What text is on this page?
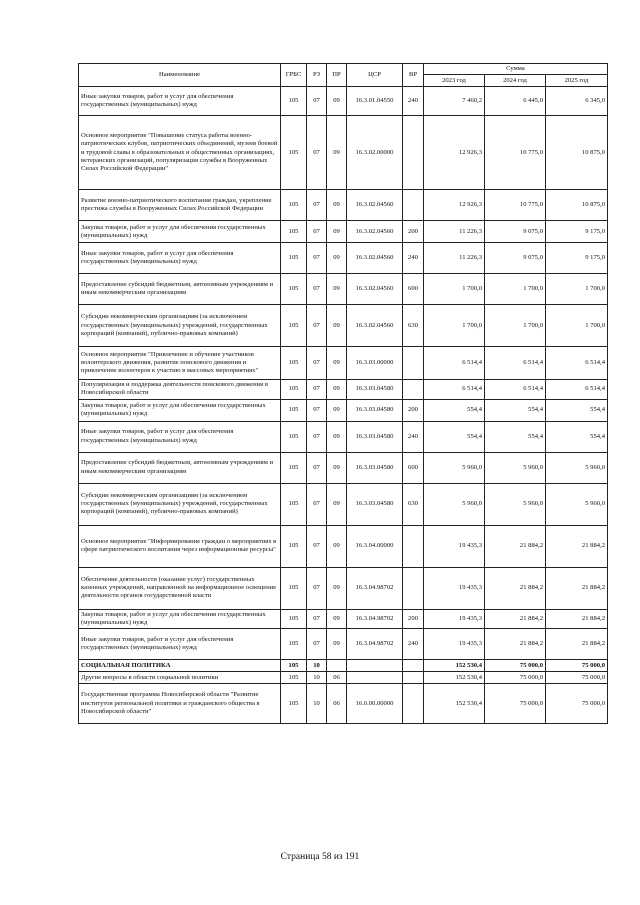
Наименование	ГРБС	РЗ	ПР	ЦСР	ВР	Сумма		
						2023 год	2024 год	2025 год
Иные закупки товаров, работ и услуг для обеспечения государственных (муниципальных) нужд	105	07	09	16.3.01.04550	240	7 460,2	6 445,0	6 345,0
Основное мероприятие "Повышение статуса работы военно-патриотических клубов, патриотических объединений, музеев боевой и трудовой славы в образовательных и общественных организациях, ветеранских организаций, популяризация службы в Вооруженных Силах Российской Федерации"	105	07	09	16.3.02.00000		12 926,3	10 775,0	10 875,0
Развитие военно-патриотического воспитания граждан, укрепление престижа службы в Вооруженных Силах Российской Федерации	105	07	09	16.3.02.04560		12 926,3	10 775,0	10 875,0
Закупка товаров, работ и услуг для обеспечения государственных (муниципальных) нужд	105	07	09	16.3.02.04560	200	11 226,3	9 075,0	9 175,0
Иные закупки товаров, работ и услуг для обеспечения государственных (муниципальных) нужд	105	07	09	16.3.02.04560	240	11 226,3	9 075,0	9 175,0
Предоставление субсидий бюджетным, автономным учреждениям и иным некоммерческим организациям	105	07	09	16.3.02.04560	600	1 700,0	1 700,0	1 700,0
Субсидии некоммерческим организациям (за исключением государственных (муниципальных) учреждений, государственных корпораций (компаний), публично-правовых компаний)	105	07	09	16.3.02.04560	630	1 700,0	1 700,0	1 700,0
Основное мероприятие "Привлечение и обучение участников волонтерского движения, развитие поискового движения и привлечение волонтеров к участию в массовых мероприятиях"	105	07	09	16.3.03.00000		6 514,4	6 514,4	6 514,4
Популяризация и поддержка деятельности поискового движения в Новосибирской области	105	07	09	16.3.03.04580		6 514,4	6 514,4	6 514,4
Закупка товаров, работ и услуг для обеспечения государственных (муниципальных) нужд	105	07	09	16.3.03.04580	200	554,4	554,4	554,4
Иные закупки товаров, работ и услуг для обеспечения государственных (муниципальных) нужд	105	07	09	16.3.03.04580	240	554,4	554,4	554,4
Предоставление субсидий бюджетным, автономным учреждениям и иным некоммерческим организациям	105	07	09	16.3.03.04580	600	5 960,0	5 960,0	5 960,0
Субсидии некоммерческим организациям (за исключением государственных (муниципальных) учреждений, государственных корпораций (компаний), публично-правовых компаний)	105	07	09	16.3.03.04580	630	5 960,0	5 960,0	5 960,0
Основное мероприятие "Информирование граждан о мероприятиях в сфере патриотического воспитания через информационные ресурсы"	105	07	09	16.3.04.00000		19 435,3	21 884,2	21 884,2
Обеспечение деятельности (оказание услуг) государственных казенных учреждений, направленной на информационное освещение деятельности органов государственной власти	105	07	09	16.3.04.98702		19 435,3	21 884,2	21 884,2
Закупка товаров, работ и услуг для обеспечения государственных (муниципальных) нужд	105	07	09	16.3.04.98702	200	19 435,3	21 884,2	21 884,2
Иные закупки товаров, работ и услуг для обеспечения государственных (муниципальных) нужд	105	07	09	16.3.04.98702	240	19 435,3	21 884,2	21 884,2
СОЦИАЛЬНАЯ ПОЛИТИКА	105	10				152 530,4	75 000,0	75 000,0
Другие вопросы в области социальной политики	105	10	06			152 530,4	75 000,0	75 000,0
Государственная программа Новосибирской области "Развитие институтов региональной политики и гражданского общества в Новосибирской области"	105	10	06	16.0.00.00000		152 530,4	75 000,0	75 000,0
Страница 58 из 191
